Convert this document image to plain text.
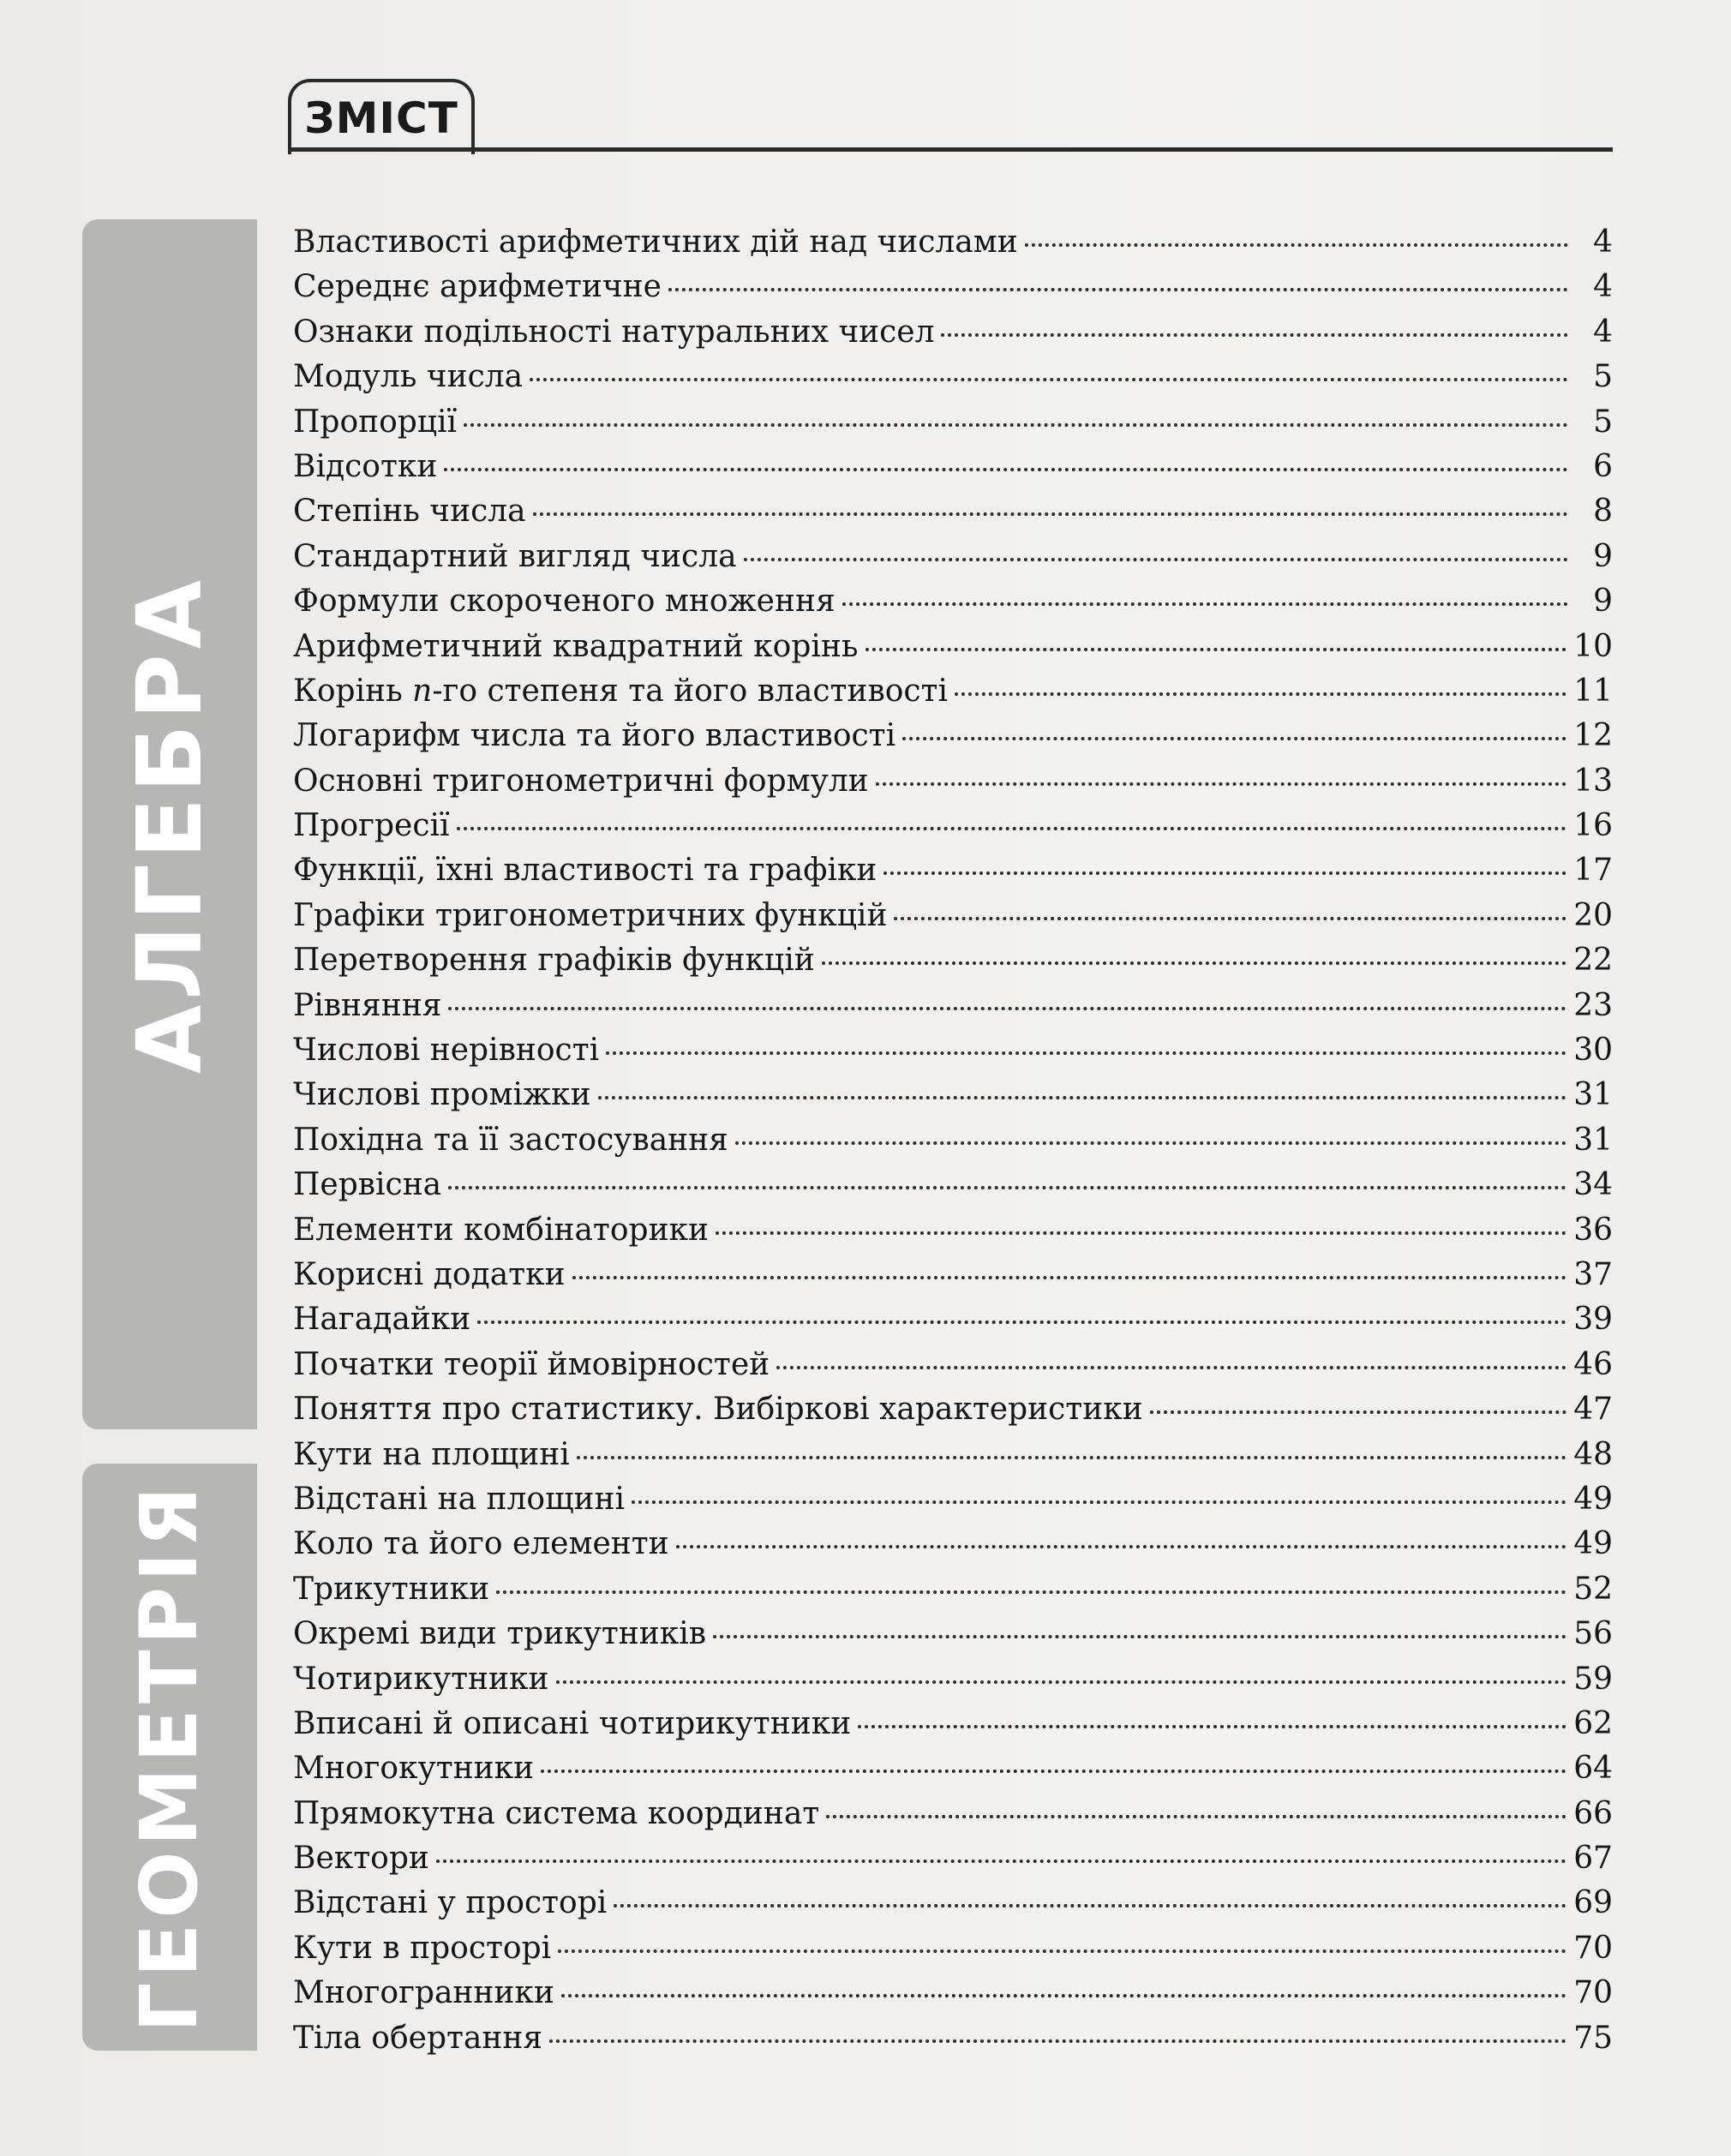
ЗМІСТ
АЛГЕБРА
ГЕОМЕТРІЯ
Властивості арифметичних дій над числами	4
Середнє арифметичне	4
Ознаки подільності натуральних чисел	4
Модуль числа	5
Пропорції	5
Відсотки	6
Степінь числа	8
Стандартний вигляд числа	9
Формули скороченого множення	9
Арифметичний квадратний корінь	10
Корінь n-го степеня та його властивості	11
Логарифм числа та його властивості	12
Основні тригонометричні формули	13
Прогресії	16
Функції, їхні властивості та графіки	17
Графіки тригонометричних функцій	20
Перетворення графіків функцій	22
Рівняння	23
Числові нерівності	30
Числові проміжки	31
Похідна та її застосування	31
Первісна	34
Елементи комбінаторики	36
Корисні додатки	37
Нагадайки	39
Початки теорії ймовірностей	46
Поняття про статистику. Вибіркові характеристики	47
Кути на площині	48
Відстані на площині	49
Коло та його елементи	49
Трикутники	52
Окремі види трикутників	56
Чотирикутники	59
Вписані й описані чотирикутники	62
Многокутники	64
Прямокутна система координат	66
Вектори	67
Відстані у просторі	69
Кути в просторі	70
Многогранники	70
Тіла обертання	75
